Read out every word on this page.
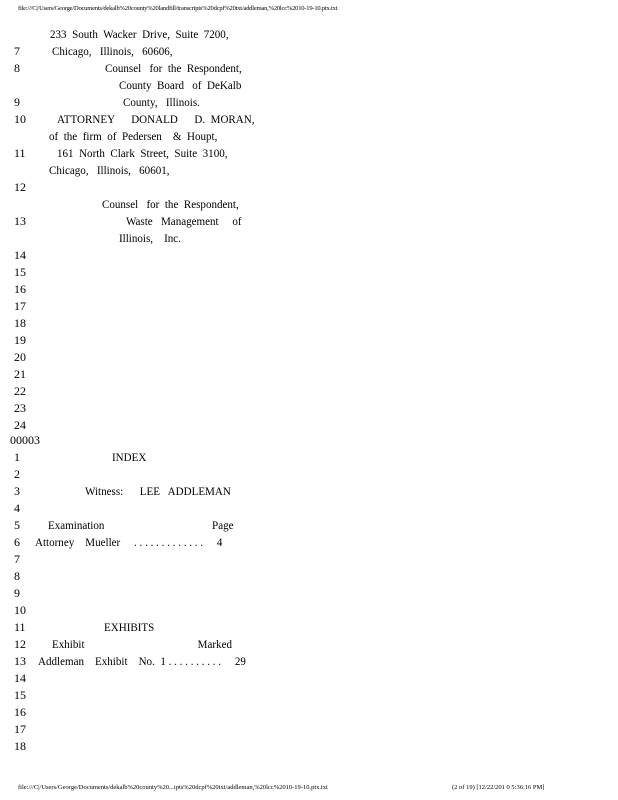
file:///C|/Users/George/Documents/dekalb%20county%20landfill/transcripts%20dcpf%20txt/addleman,%20lcc%2010-19-10.ptx.txt
233  South  Wacker  Drive,  Suite  7200,
7	Chicago,   Illinois,   60606,
8	Counsel   for  the  Respondent,
County  Board   of  DeKalb
9	County,   Illinois.
10	ATTORNEY      DONALD      D.  MORAN,
of  the  firm  of  Pedersen    &  Houpt,
11	161  North  Clark  Street,  Suite  3100,
Chicago,   Illinois,   60601,
12
Counsel   for  the  Respondent,
13	Waste   Management     of
Illinois,    Inc.
14
15
16
17
18
19
20
21
22
23
24
00003
1	INDEX
2
3	Witness:      LEE   ADDLEMAN
4
5 Examination                                       Page
6 Attorney    Mueller     . . . . . . . . . . . . .     4
7
8
9
10
11	EXHIBITS
12 Exhibit                                         Marked
13 Addleman    Exhibit    No.  1 . . . . . . . . . .     29
14
15
16
17
18
file:///C|/Users/George/Documents/dekalb%20county%20...ipts%20dcpf%20txt/addleman,%20lcc%2010-19-10.ptx.txt	(2 of 19) [12/22/201 0 5:36:16 PM]
